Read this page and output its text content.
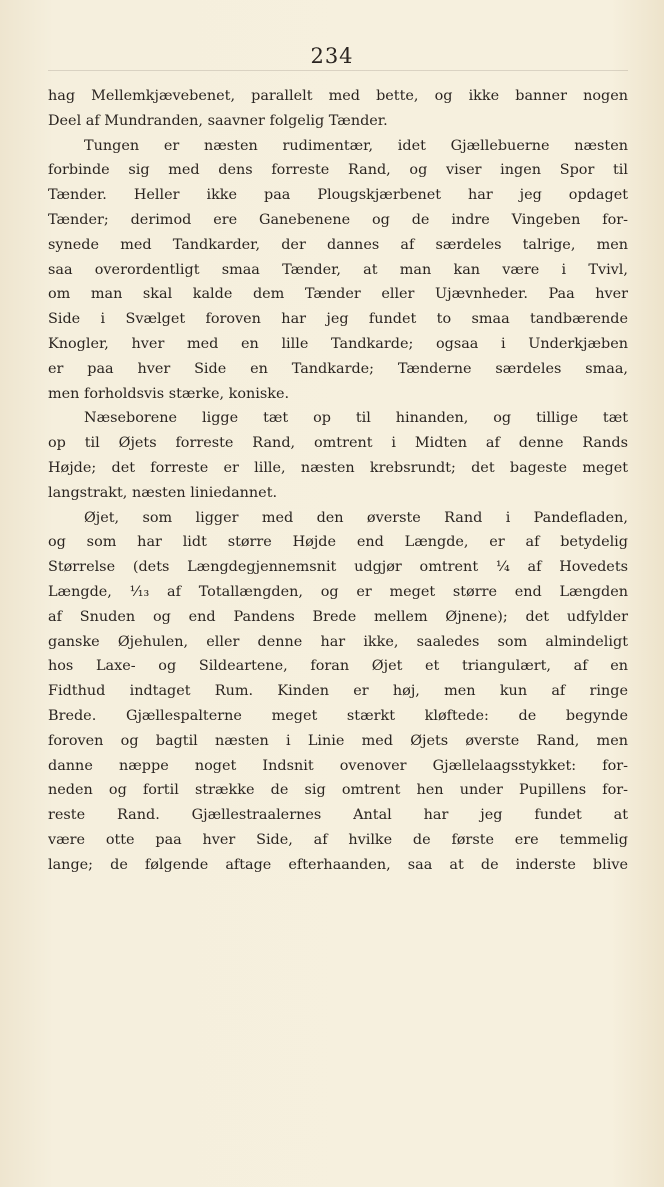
234
hag Mellemkjævebenet, parallelt med bette, og ikke banner nogen
Deel af Mundranden, saavner folgelig Tænder.
Tungen er næsten rudimentær, idet Gjællebuerne næsten
forbinde sig med dens forreste Rand, og viser ingen Spor til
Tænder. Heller ikke paa Plougskjærbenet har jeg opdaget
Tænder; derimod ere Ganebenene og de indre Vingeben for-
synede med Tandkarder, der dannes af særdeles talrige, men
saa overordentligt smaa Tænder, at man kan være i Tvivl,
om man skal kalde dem Tænder eller Ujævnheder. Paa hver
Side i Svælget foroven har jeg fundet to smaa tandbærende
Knogler, hver med en lille Tandkarde; ogsaa i Underkjæben
er paa hver Side en Tandkarde; Tænderne særdeles smaa,
men forholdsvis stærke, koniske.
Næseborene ligge tæt op til hinanden, og tillige tæt
op til Øjets forreste Rand, omtrent i Midten af denne Rands
Højde; det forreste er lille, næsten krebsrundt; det bageste meget
langstrakt, næsten liniedannet.
Øjet, som ligger med den øverste Rand i Pandefladen,
og som har lidt større Højde end Længde, er af betydelig
Størrelse (dets Længdegjennemsnit udgjør omtrent ⅟₄ af Hovedets
Længde, ⅟₁₃ af Totallængden, og er meget større end Længden
af Snuden og end Pandens Brede mellem Øjnene); det udfylder
ganske Øjehulen, eller denne har ikke, saaledes som almindeligt
hos Laxe- og Sildeartene, foran Øjet et triangulært, af en
Fidthud indtaget Rum. Kinden er høj, men kun af ringe
Brede. Gjællespalterne meget stærkt kløftede: de begynde
foroven og bagtil næsten i Linie med Øjets øverste Rand, men
danne næppe noget Indsnit ovenover Gjællelaagsstykket: for-
neden og fortil strække de sig omtrent hen under Pupillens for-
reste Rand. Gjællestraalernes Antal har jeg fundet at
være otte paa hver Side, af hvilke de første ere temmelig
lange; de følgende aftage efterhaanden, saa at de inderste blive
